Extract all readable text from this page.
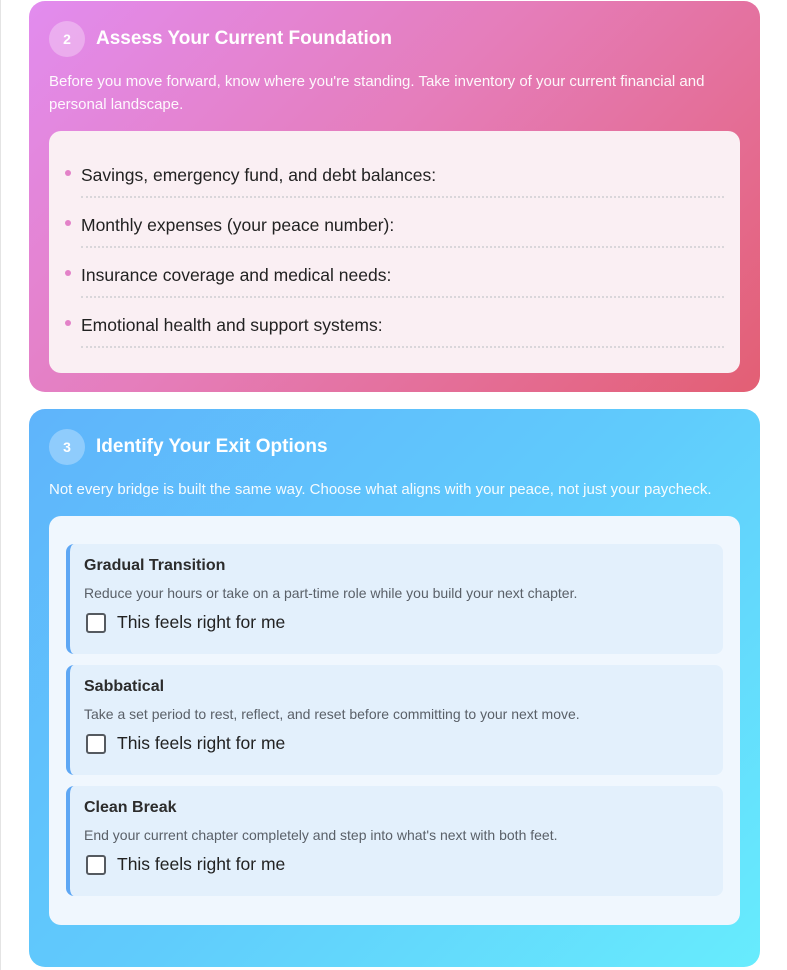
2	Assess Your Current Foundation
Before you move forward, know where you're standing. Take inventory of your current financial and personal landscape.
Savings, emergency fund, and debt balances:
Monthly expenses (your peace number):
Insurance coverage and medical needs:
Emotional health and support systems:
3	Identify Your Exit Options
Not every bridge is built the same way. Choose what aligns with your peace, not just your paycheck.
Gradual Transition
Reduce your hours or take on a part-time role while you build your next chapter.
This feels right for me
Sabbatical
Take a set period to rest, reflect, and reset before committing to your next move.
This feels right for me
Clean Break
End your current chapter completely and step into what's next with both feet.
This feels right for me
